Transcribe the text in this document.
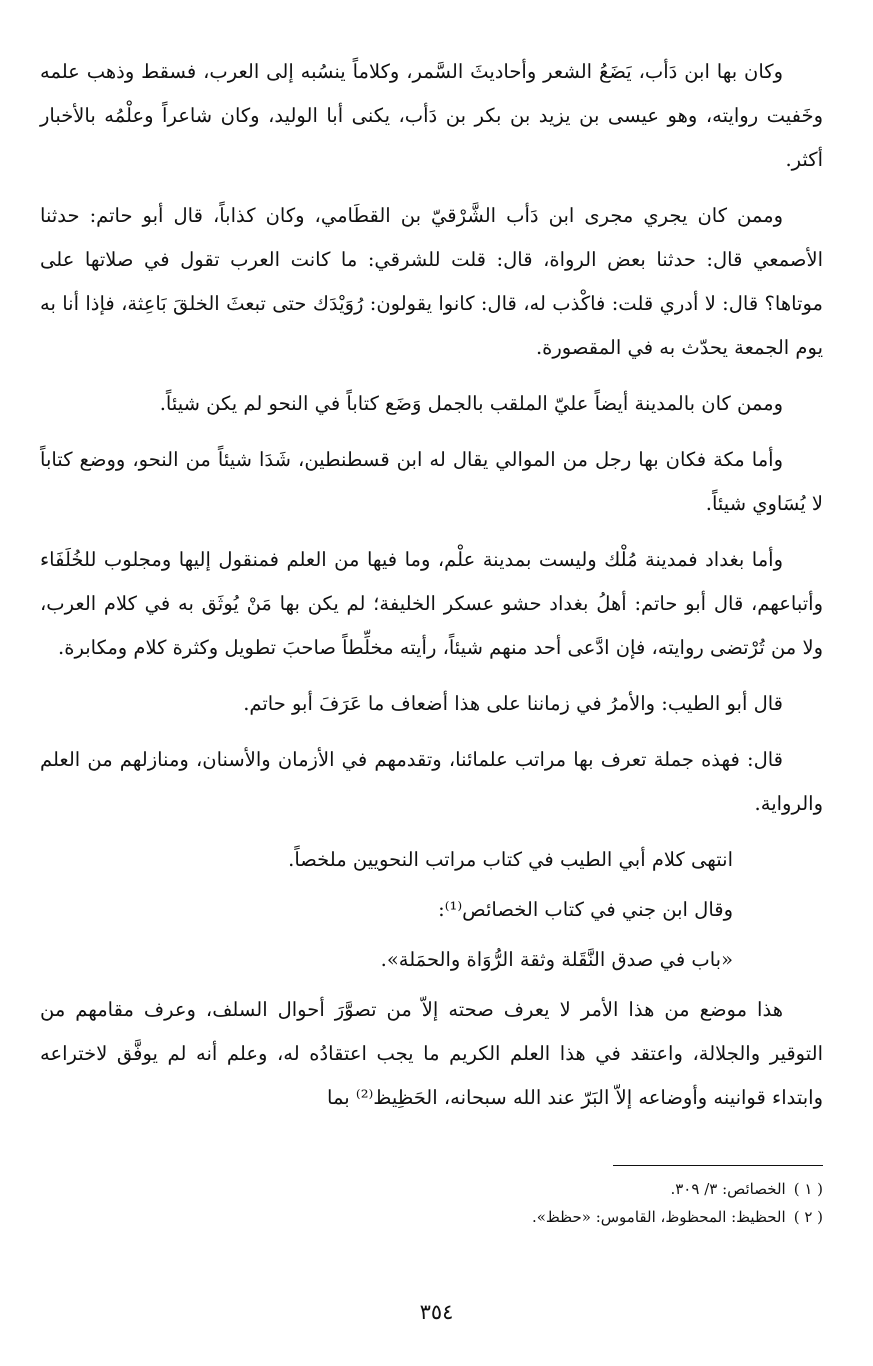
وكان بها ابن دَأب، يَضَعُ الشعر وأحاديثَ السَّمر، وكلاماً ينسُبه إلى العرب، فسقط وذهب علمه وخَفيت روايته، وهو عيسى بن يزيد بن بكر بن دَأب، يكنى أبا الوليد، وكان شاعراً وعلْمُه بالأخبار أكثر.

وممن كان يجري مجرى ابن دَأب الشَّرْقيّ بن القطَامي، وكان كذاباً، قال أبو حاتم: حدثنا الأصمعي قال: حدثنا بعض الرواة، قال: قلت للشرقي: ما كانت العرب تقول في صلاتها على موتاها؟ قال: لا أدري قلت: فاكْذب له، قال: كانوا يقولون: رُوَيْدَك حتى تبعثَ الخلقَ بَاعِثة، فإذا أنا به يوم الجمعة يحدّث به في المقصورة.

وممن كان بالمدينة أيضاً عليّ الملقب بالجمل وَضَع كتاباً في النحو لم يكن شيئاً.

وأما مكة فكان بها رجل من الموالي يقال له ابن قسطنطين، شَدَا شيئاً من النحو، ووضع كتاباً لا يُسَاوي شيئاً.

وأما بغداد فمدينة مُلْك وليست بمدينة علْم، وما فيها من العلم فمنقول إليها ومجلوب للخُلَفَاء وأتباعهم، قال أبو حاتم: أهلُ بغداد حشو عسكر الخليفة؛ لم يكن بها مَنْ يُوثَق به في كلام العرب، ولا من تُرْتضى روايته، فإن ادَّعى أحد منهم شيئاً، رأيته مخلِّطاً صاحبَ تطويل وكثرة كلام ومكابرة.

قال أبو الطيب: والأمرُ في زماننا على هذا أضعاف ما عَرَفَ أبو حاتم.

قال: فهذه جملة تعرف بها مراتب علمائنا، وتقدمهم في الأزمان والأسنان، ومنازلهم من العلم والرواية.

انتهى كلام أبي الطيب في كتاب مراتب النحويين ملخصاً.

وقال ابن جني في كتاب الخصائص⁽¹⁾:

«باب في صدق النَّقَلة وثقة الرُّوَاة والحمَلة».

هذا موضع من هذا الأمر لا يعرف صحته إلاّ من تصوَّرَ أحوال السلف، وعرف مقامهم من التوقير والجلالة، واعتقد في هذا العلم الكريم ما يجب اعتقادُه له، وعلم أنه لم يوفَّق لاختراعه وابتداء قوانينه وأوضاعه إلاّ البَرّ عند الله سبحانه، الحَظِيظ⁽²⁾ بما

( ١ )
الخصائص: ٣/ ٣٠٩.
( ٢ )
الحظيظ: المحظوظ، القاموس: «حظظ».
٣٥٤
